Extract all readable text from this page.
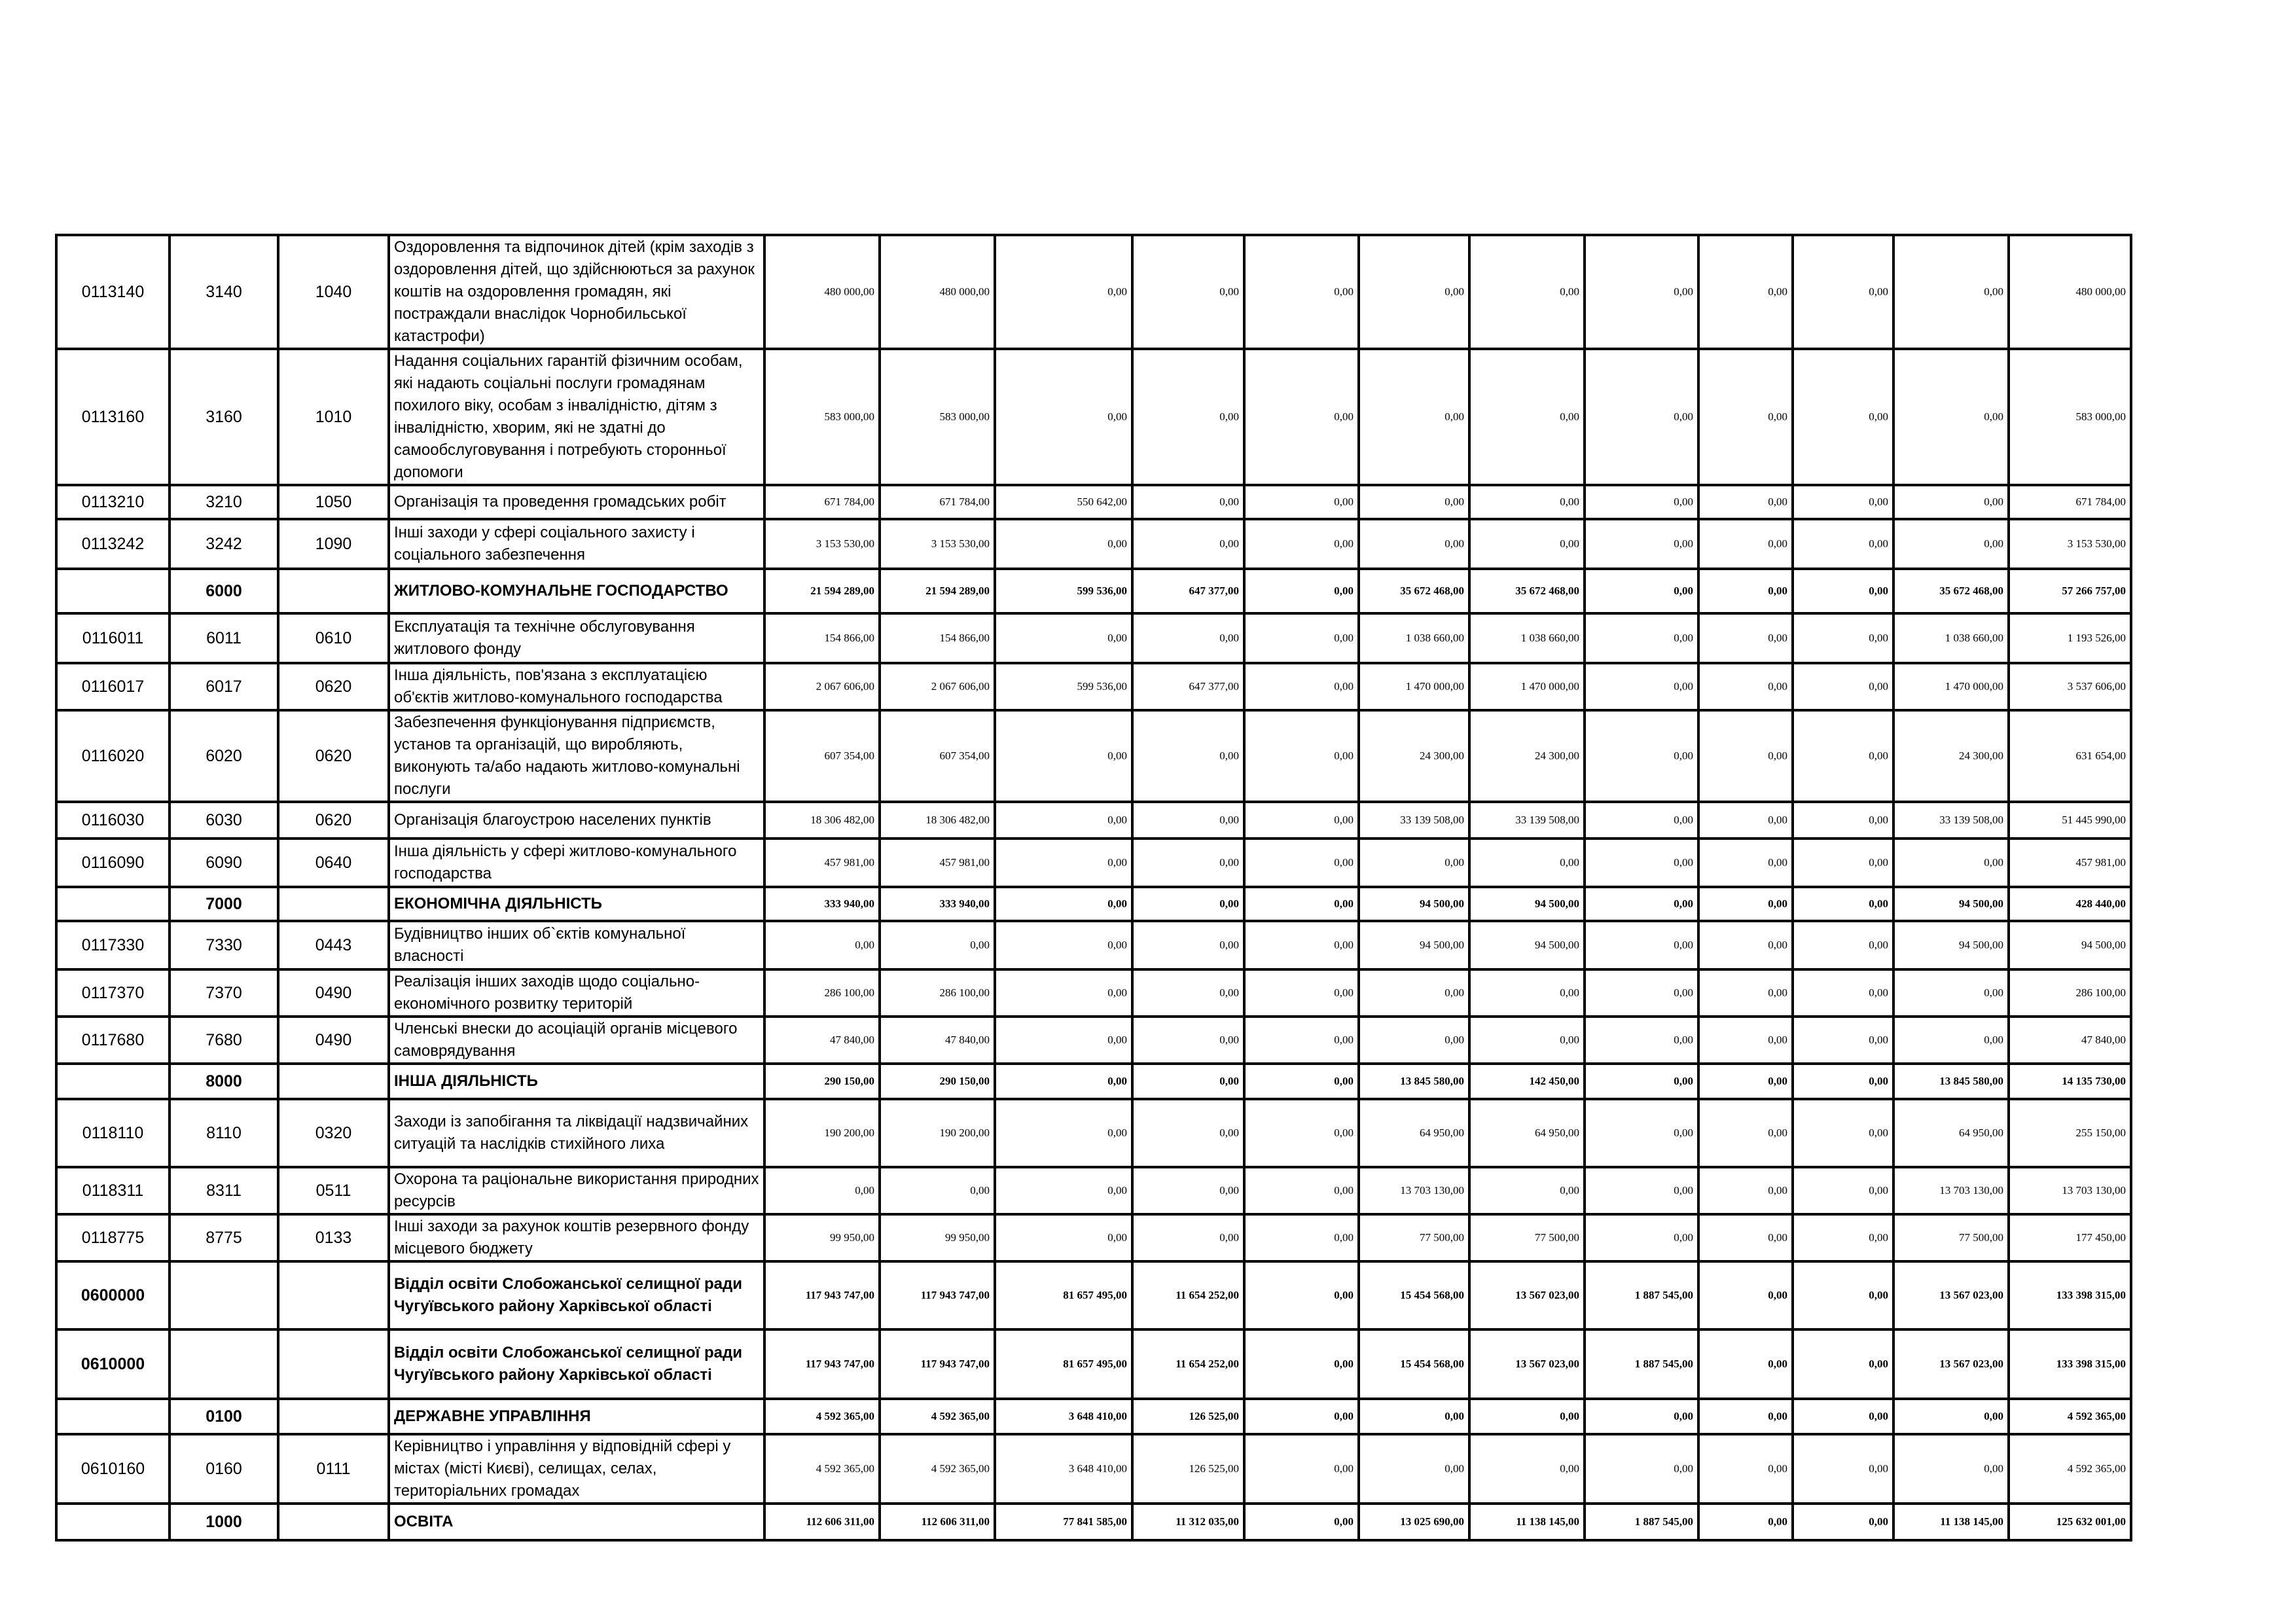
0113140	3140	1040	Оздоровлення та відпочинок дітей (крім заходів з оздоровлення дітей, що здійснюються за рахунок коштів на оздоровлення громадян, які постраждали внаслідок Чорнобильської катастрофи)	480 000,00	480 000,00	0,00	0,00	0,00	0,00	0,00	0,00	0,00	0,00	0,00	480 000,00
0113160	3160	1010	Надання соціальних гарантій фізичним особам, які надають соціальні послуги громадянам похилого віку, особам з інвалідністю, дітям з інвалідністю, хворим, які не здатні до самообслуговування і потребують сторонньої допомоги	583 000,00	583 000,00	0,00	0,00	0,00	0,00	0,00	0,00	0,00	0,00	0,00	583 000,00
0113210	3210	1050	Організація та проведення громадських робіт	671 784,00	671 784,00	550 642,00	0,00	0,00	0,00	0,00	0,00	0,00	0,00	0,00	671 784,00
0113242	3242	1090	Інші заходи у сфері соціального захисту і соціального забезпечення	3 153 530,00	3 153 530,00	0,00	0,00	0,00	0,00	0,00	0,00	0,00	0,00	0,00	3 153 530,00
	6000		ЖИТЛОВО-КОМУНАЛЬНЕ ГОСПОДАРСТВО	21 594 289,00	21 594 289,00	599 536,00	647 377,00	0,00	35 672 468,00	35 672 468,00	0,00	0,00	0,00	35 672 468,00	57 266 757,00
0116011	6011	0610	Експлуатація та технічне обслуговування житлового фонду	154 866,00	154 866,00	0,00	0,00	0,00	1 038 660,00	1 038 660,00	0,00	0,00	0,00	1 038 660,00	1 193 526,00
0116017	6017	0620	Інша діяльність, пов'язана з експлуатацією об'єктів житлово-комунального господарства	2 067 606,00	2 067 606,00	599 536,00	647 377,00	0,00	1 470 000,00	1 470 000,00	0,00	0,00	0,00	1 470 000,00	3 537 606,00
0116020	6020	0620	Забезпечення функціонування підприємств, установ та організацій, що виробляють, виконують та/або надають житлово-комунальні послуги	607 354,00	607 354,00	0,00	0,00	0,00	24 300,00	24 300,00	0,00	0,00	0,00	24 300,00	631 654,00
0116030	6030	0620	Організація благоустрою населених пунктів	18 306 482,00	18 306 482,00	0,00	0,00	0,00	33 139 508,00	33 139 508,00	0,00	0,00	0,00	33 139 508,00	51 445 990,00
0116090	6090	0640	Інша діяльність у сфері житлово-комунального господарства	457 981,00	457 981,00	0,00	0,00	0,00	0,00	0,00	0,00	0,00	0,00	0,00	457 981,00
	7000		ЕКОНОМІЧНА ДІЯЛЬНІСТЬ	333 940,00	333 940,00	0,00	0,00	0,00	94 500,00	94 500,00	0,00	0,00	0,00	94 500,00	428 440,00
0117330	7330	0443	Будівництво інших об`єктів комунальної власності	0,00	0,00	0,00	0,00	0,00	94 500,00	94 500,00	0,00	0,00	0,00	94 500,00	94 500,00
0117370	7370	0490	Реалізація інших заходів щодо соціально-економічного розвитку територій	286 100,00	286 100,00	0,00	0,00	0,00	0,00	0,00	0,00	0,00	0,00	0,00	286 100,00
0117680	7680	0490	Членські внески до асоціацій органів місцевого самоврядування	47 840,00	47 840,00	0,00	0,00	0,00	0,00	0,00	0,00	0,00	0,00	0,00	47 840,00
	8000		ІНША ДІЯЛЬНІСТЬ	290 150,00	290 150,00	0,00	0,00	0,00	13 845 580,00	142 450,00	0,00	0,00	0,00	13 845 580,00	14 135 730,00
0118110	8110	0320	Заходи із запобігання та ліквідації надзвичайних ситуацій та наслідків стихійного лиха	190 200,00	190 200,00	0,00	0,00	0,00	64 950,00	64 950,00	0,00	0,00	0,00	64 950,00	255 150,00
0118311	8311	0511	Охорона та раціональне використання природних ресурсів	0,00	0,00	0,00	0,00	0,00	13 703 130,00	0,00	0,00	0,00	0,00	13 703 130,00	13 703 130,00
0118775	8775	0133	Інші заходи за рахунок коштів резервного фонду місцевого бюджету	99 950,00	99 950,00	0,00	0,00	0,00	77 500,00	77 500,00	0,00	0,00	0,00	77 500,00	177 450,00
0600000			Відділ освіти Слобожанської селищної ради Чугуївського району Харківської області	117 943 747,00	117 943 747,00	81 657 495,00	11 654 252,00	0,00	15 454 568,00	13 567 023,00	1 887 545,00	0,00	0,00	13 567 023,00	133 398 315,00
0610000			Відділ освіти Слобожанської селищної ради Чугуївського району Харківської області	117 943 747,00	117 943 747,00	81 657 495,00	11 654 252,00	0,00	15 454 568,00	13 567 023,00	1 887 545,00	0,00	0,00	13 567 023,00	133 398 315,00
	0100		ДЕРЖАВНЕ УПРАВЛІННЯ	4 592 365,00	4 592 365,00	3 648 410,00	126 525,00	0,00	0,00	0,00	0,00	0,00	0,00	0,00	4 592 365,00
0610160	0160	0111	Керівництво і управління у відповідній сфері у містах (місті Києві), селищах, селах, територіальних громадах	4 592 365,00	4 592 365,00	3 648 410,00	126 525,00	0,00	0,00	0,00	0,00	0,00	0,00	0,00	4 592 365,00
	1000		ОСВІТА	112 606 311,00	112 606 311,00	77 841 585,00	11 312 035,00	0,00	13 025 690,00	11 138 145,00	1 887 545,00	0,00	0,00	11 138 145,00	125 632 001,00
